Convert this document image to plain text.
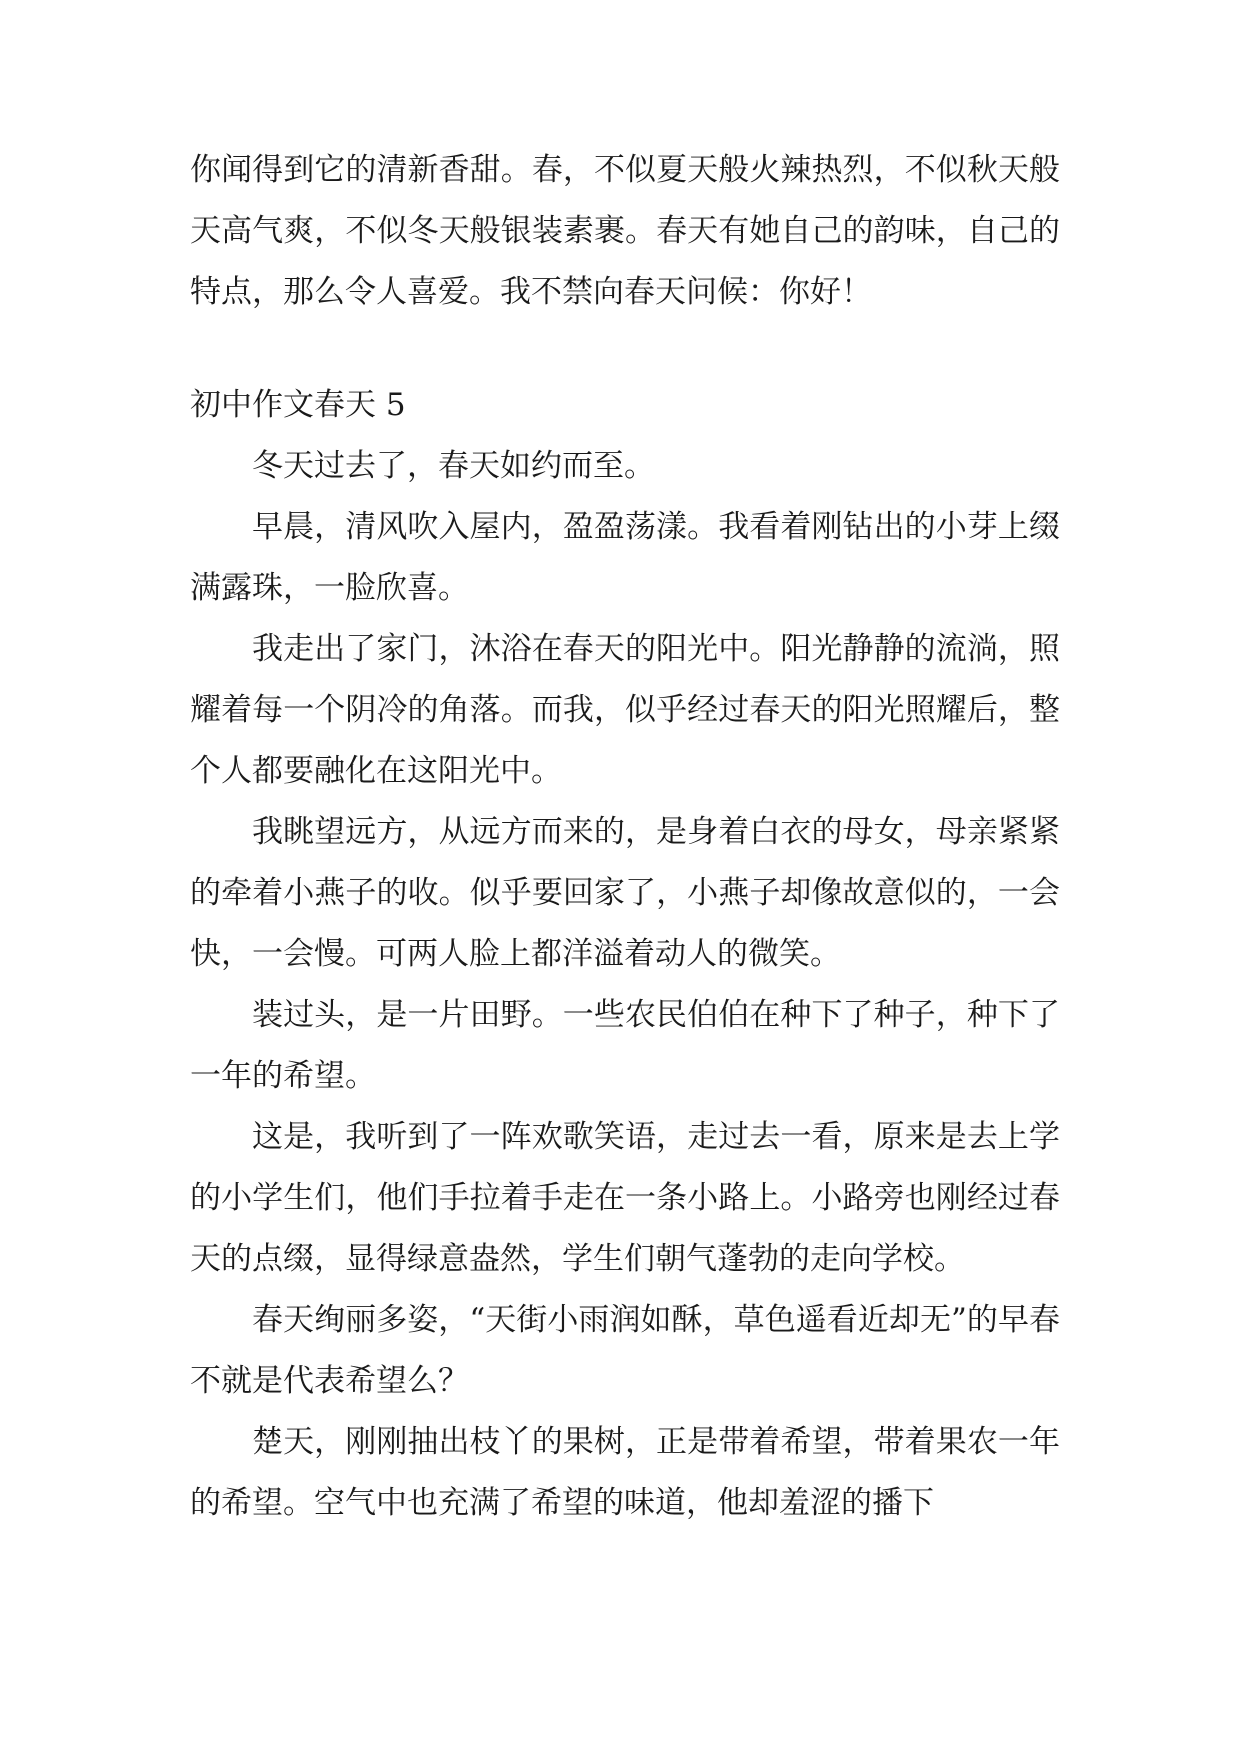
你闻得到它的清新香甜。春，不似夏天般火辣热烈，不似秋天般天高气爽，不似冬天般银装素裹。春天有她自己的韵味，自己的特点，那么令人喜爱。我不禁向春天问候：你好！

初中作文春天 5

冬天过去了，春天如约而至。

早晨，清风吹入屋内，盈盈荡漾。我看着刚钻出的小芽上缀满露珠，一脸欣喜。

我走出了家门，沐浴在春天的阳光中。阳光静静的流淌，照耀着每一个阴冷的角落。而我，似乎经过春天的阳光照耀后，整个人都要融化在这阳光中。

我眺望远方，从远方而来的，是身着白衣的母女，母亲紧紧的牵着小燕子的收。似乎要回家了，小燕子却像故意似的，一会快，一会慢。可两人脸上都洋溢着动人的微笑。

装过头，是一片田野。一些农民伯伯在种下了种子，种下了一年的希望。

这是，我听到了一阵欢歌笑语，走过去一看，原来是去上学的小学生们，他们手拉着手走在一条小路上。小路旁也刚经过春天的点缀，显得绿意盎然，学生们朝气蓬勃的走向学校。

春天绚丽多姿，“天街小雨润如酥，草色遥看近却无”的早春不就是代表希望么？

楚天，刚刚抽出枝丫的果树，正是带着希望，带着果农一年的希望。空气中也充满了希望的味道，他却羞涩的播下
